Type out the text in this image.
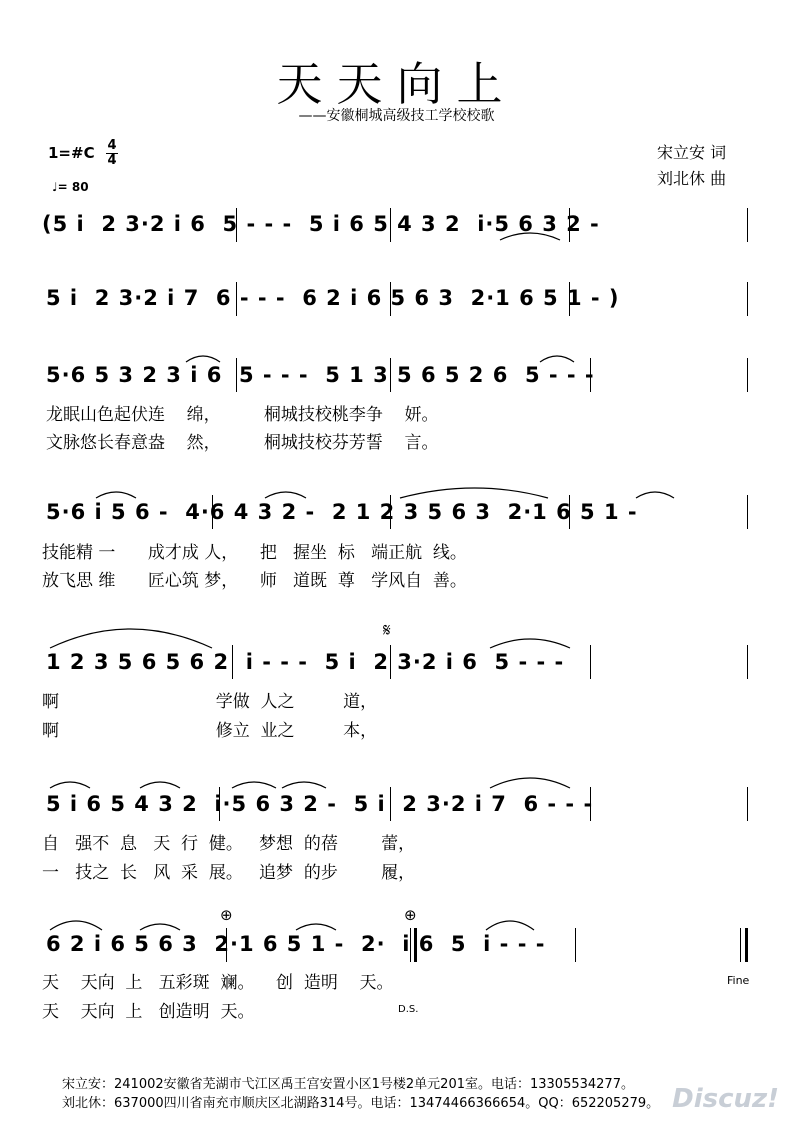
天天向上
——安徽桐城高级技工学校校歌
1=#C 4
4
♩= 80
宋立安 词
刘北休 曲
(5 i  2 3·2 i 6  5 - - -  5 i 6 5 4 3 2  i·5 6 3 2 -
5 i  2 3·2 i 7  6 - - -  6 2 i 6 5 6 3  2·1 6 5 1 - )
5·6 5 3 2 3 i 6  5 - - -  5 1 3 5 6 5 2 6  5 - - -
龙眠山色起伏连    绵，        桐城技校桃李争    妍。
文脉悠长春意盎    然，        桐城技校芬芳誓    言。
5·6 i 5 6 -  4·6 4 3 2 -  2 1 2 3 5 6 3  2·1 6 5 1 -
技能精 一      成才成 人，    把   握坐  标   端正航  线。
放飞思 维      匠心筑 梦，    师   道既  尊   学风自  善。
1 2 3 5 6 5 6 2  i - - -  5 i  2 3·2 i 6  5 - - -
啊                             学做  人之         道，
啊                             修立  业之         本，
5 i 6 5 4 3 2  i·5 6 3 2 -  5 i  2 3·2 i 7  6 - - -
自   强不  息   天  行  健。   梦想  的蓓        蕾，
一   技之  长   风  采  展。   追梦  的步        履，
6 2 i 6 5 6 3  2·1 6 5 1 -  2·  i 6  5  i - - -
天    天向  上   五彩斑  斓。    创  造明    天。
天    天向  上   创造明  天。
𝄋
⊕	⊕
Fine
D.S.
宋立安：241002安徽省芜湖市弋江区禹王宫安置小区1号楼2单元201室。电话：13305534277。
刘北休：637000四川省南充市顺庆区北湖路314号。电话：13474466366654。QQ：652205279。 Discuz!
